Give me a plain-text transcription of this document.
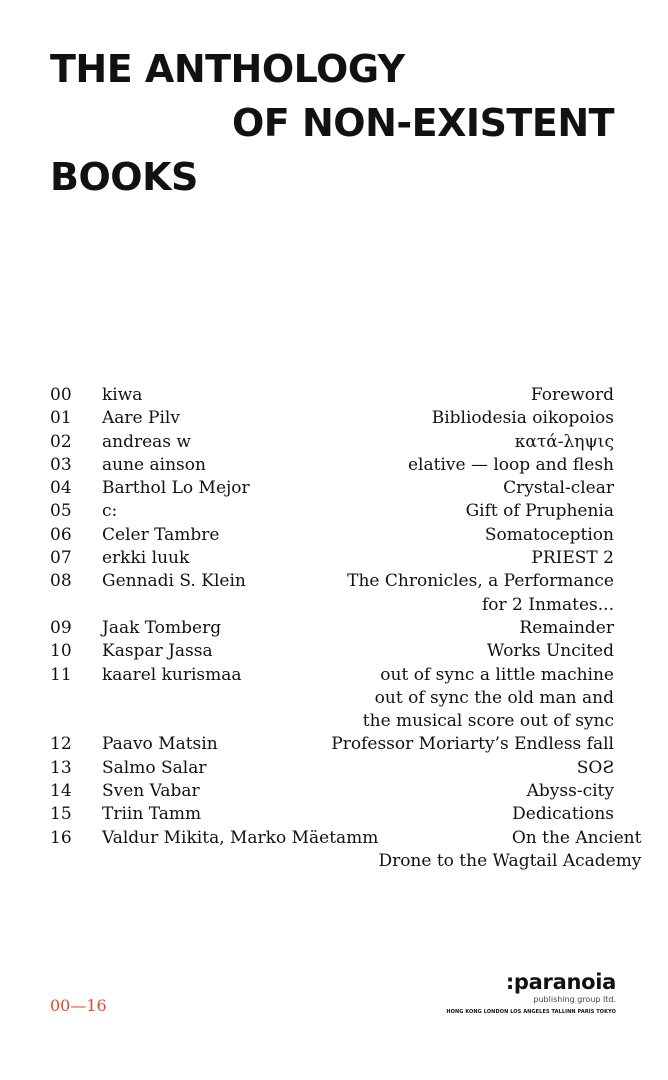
THE ANTHOLOGY
OF NON-EXISTENT
BOOKS
00	kiwa	Foreword
01	Aare Pilv	Bibliodesia oikopoios
02	andreas w	κατά-ληψις
03	aune ainson	elative — loop and flesh
04	Barthol Lo Mejor	Crystal-clear
05	c:	Gift of Pruphenia
06	Celer Tambre	Somatoception
07	erkki luuk	PRIEST 2
08	Gennadi S. Klein	The Chronicles, a Performance
for 2 Inmates...
09	Jaak Tomberg	Remainder
10	Kaspar Jassa	Works Uncited
11	kaarel kurismaa	out of sync a little machine
out of sync the old man and
the musical score out of sync
12	Paavo Matsin	Professor Moriarty’s Endless fall
13	Salmo Salar	SOꙄ
14	Sven Vabar	Abyss-city
15	Triin Tamm	Dedications
16	Valdur Mikita, Marko Mäetamm	On the Ancient
Drone to the Wagtail Academy
00—16
:paranoia
publishing group ltd.
HONG KONG LONDON LOS ANGELES TALLINN PARIS TOKYO
